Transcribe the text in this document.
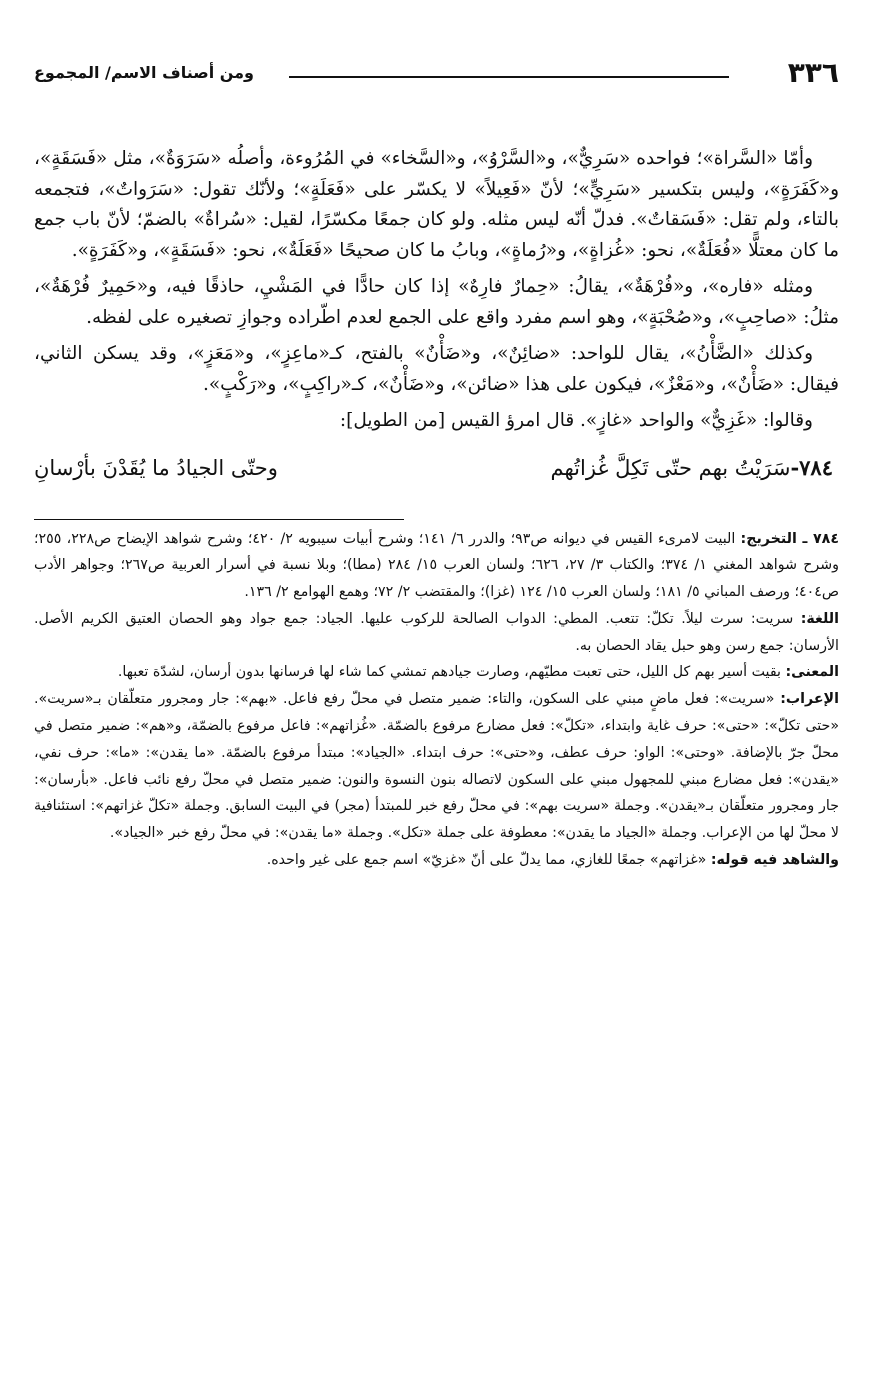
٣٣٦
ومن أصناف الاسم/ المجموع

وأمّا «السَّراة»؛ فواحده «سَرِيٌّ»، و«السَّرْوُ»، و«السَّخاء» في المُرُوءة، وأصلُه «سَرَوَةٌ»، مثل «فَسَقَةٍ»، و«كَفَرَةٍ»، وليس بتكسير «سَرِيٍّ»؛ لأنّ «فَعِيلاً» لا يكسّر على «فَعَلَةٍ»؛ ولأنّك تقول: «سَرَواتٌ»، فتجمعه بالتاء، ولم تقل: «فَسَقاتٌ». فدلّ أنّه ليس مثله. ولو كان جمعًا مكسّرًا، لقيل: «سُراةٌ» بالضمّ؛ لأنّ باب جمع ما كان معتلًّا «فُعَلَةٌ»، نحو: «غُزاةٍ»، و«رُماةٍ»، وبابُ ما كان صحيحًا «فَعَلَةٌ»، نحو: «فَسَقَةٍ»، و«كَفَرَةٍ».

ومثله «فاره»، و«فُرْهَةٌ»، يقالُ: «حِمارٌ فارِهٌ» إذا كان حادًّا في المَشْيِ، حاذقًا فيه، و«حَمِيرٌ فُرْهَةٌ»، مثلُ: «صاحِبٍ»، و«صُحْبَةٍ»، وهو اسم مفرد واقع على الجمع لعدم اطّراده وجوازِ تصغيره على لفظه.

وكذلك «الضَّأْنُ»، يقال للواحد: «ضائِنٌ»، و«ضَأْنٌ» بالفتح، كـ«ماعِزٍ»، و«مَعَزٍ»، وقد يسكن الثاني، فيقال: «ضَأْنٌ»، و«مَعْزٌ»، فيكون على هذا «ضائن»، و«ضَأْنٌ»، كـ«راكِبٍ»، و«رَكْبٍ».

وقالوا: «غَزِيٌّ» والواحد «غازٍ». قال امرؤ القيس [من الطويل]:

٧٨٤-سَرَيْتُ بهم حتّى تَكِلَّ غُزاتُهم
وحتّى الجيادُ ما يُقَدْنَ بأرْسانِ

٧٨٤ ـ التخريج: البيت لامرىء القيس في ديوانه ص٩٣؛ والدرر ٦/ ١٤١؛ وشرح أبيات سيبويه ٢/ ٤٢٠؛ وشرح شواهد الإيضاح ص٢٢٨، ٢٥٥؛ وشرح شواهد المغني ١/ ٣٧٤؛ والكتاب ٣/ ٢٧، ٦٢٦؛ ولسان العرب ١٥/ ٢٨٤ (مطا)؛ وبلا نسبة في أسرار العربية ص٢٦٧؛ وجواهر الأدب ص٤٠٤؛ ورصف المباني ٥/ ١٨١؛ ولسان العرب ١٥/ ١٢٤ (غزا)؛ والمقتضب ٢/ ٧٢؛ وهمع الهوامع ٢/ ١٣٦.

اللغة: سريت: سرت ليلاً. تكلّ: تتعب. المطي: الدواب الصالحة للركوب عليها. الجياد: جمع جواد وهو الحصان العتيق الكريم الأصل. الأرسان: جمع رسن وهو حبل يقاد الحصان به.

المعنى: بقيت أسير بهم كل الليل، حتى تعبت مطيّهم، وصارت جيادهم تمشي كما شاء لها فرسانها بدون أرسان، لشدّة تعبها.

الإعراب: «سريت»: فعل ماضٍ مبني على السكون، والتاء: ضمير متصل في محلّ رفع فاعل. «بهم»: جار ومجرور متعلّقان بـ«سريت». «حتى تكلّ»: «حتى»: حرف غاية وابتداء، «تكلّ»: فعل مضارع مرفوع بالضمّة. «غُزاتهم»: فاعل مرفوع بالضمّة، و«هم»: ضمير متصل في محلّ جرّ بالإضافة. «وحتى»: الواو: حرف عطف، و«حتى»: حرف ابتداء. «الجياد»: مبتدأ مرفوع بالضمّة. «ما يقدن»: «ما»: حرف نفي، «يقدن»: فعل مضارع مبني للمجهول مبني على السكون لاتصاله بنون النسوة والنون: ضمير متصل في محلّ رفع نائب فاعل. «بأرسان»: جار ومجرور متعلّقان بـ«يقدن». وجملة «سريت بهم»: في محلّ رفع خبر للمبتدأ (مجر) في البيت السابق. وجملة «تكلّ غزاتهم»: استئنافية لا محلّ لها من الإعراب. وجملة «الجياد ما يقدن»: معطوفة على جملة «تكل». وجملة «ما يقدن»: في محلّ رفع خبر «الجياد».

والشاهد فيه قوله: «غزاتهم» جمعًا للغازي، مما يدلّ على أنّ «غزيّ» اسم جمع على غير واحده.
